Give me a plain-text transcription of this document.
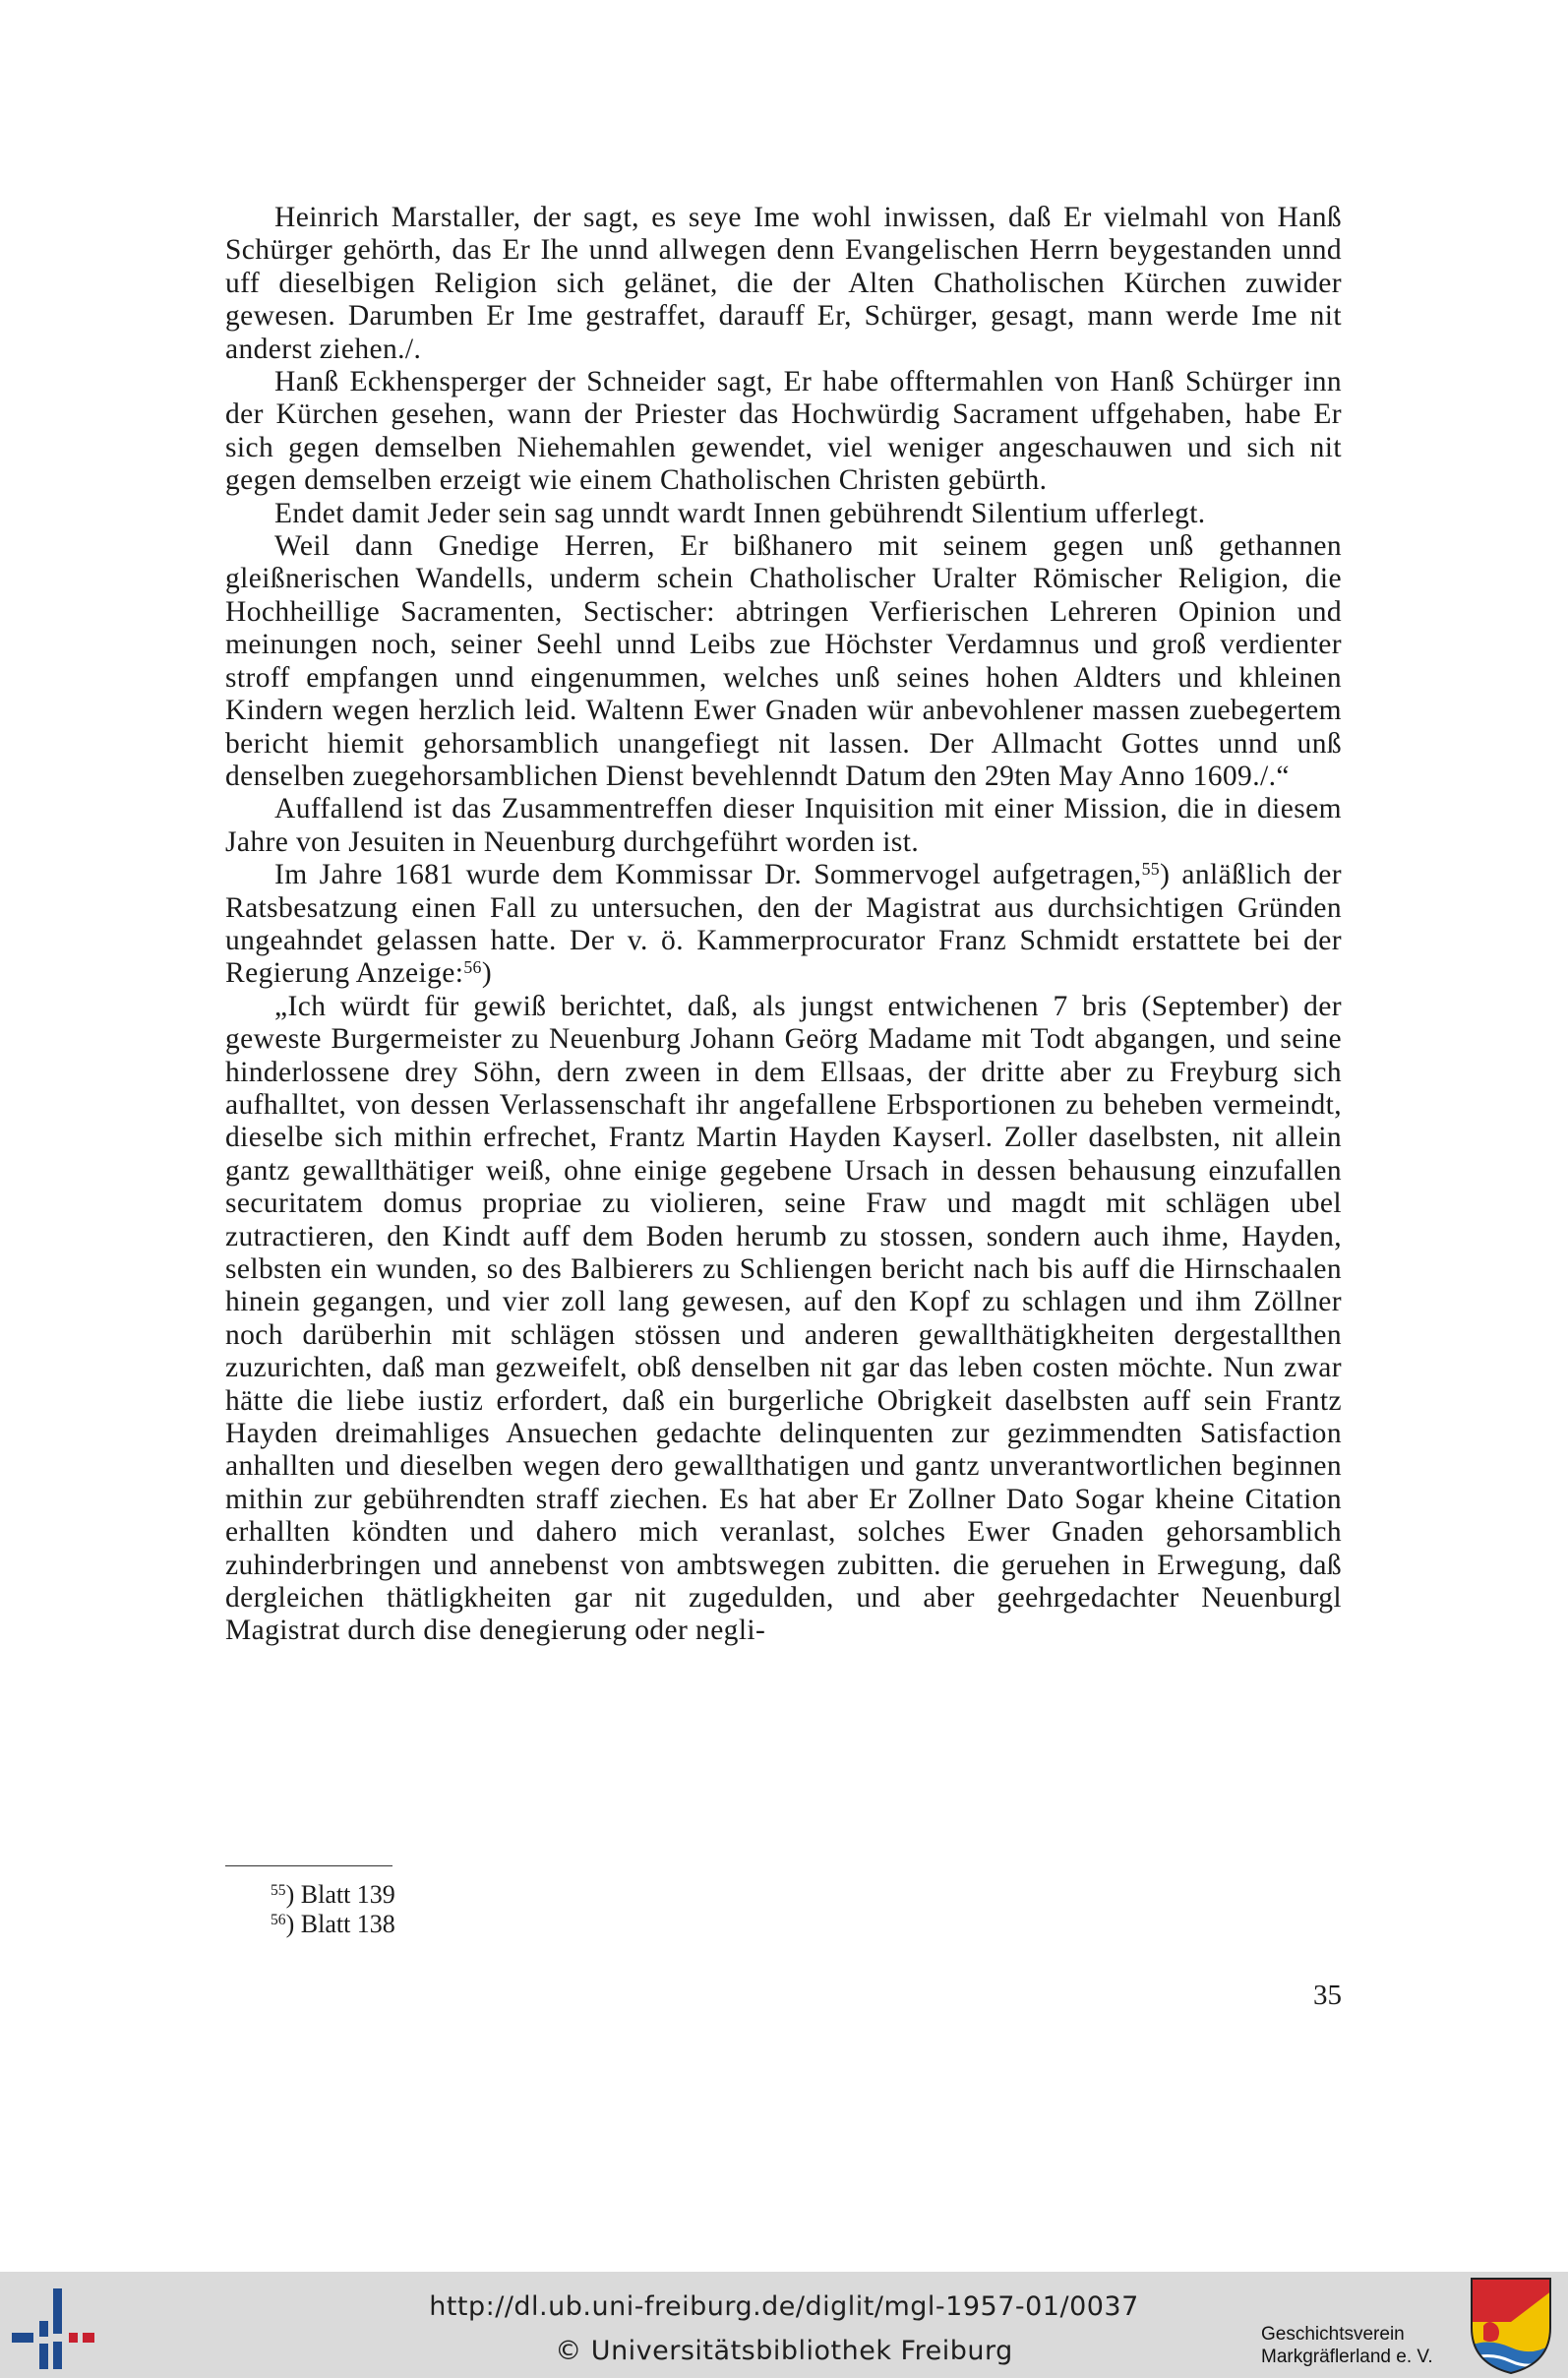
Heinrich Marstaller, der sagt, es seye Ime wohl inwissen, daß Er vielmahl von Hanß Schürger gehörth, das Er Ihe unnd allwegen denn Evangelischen Herrn beygestanden unnd uff dieselbigen Religion sich gelänet, die der Alten Chatholischen Kürchen zuwider gewesen. Darumben Er Ime gestraffet, darauff Er, Schürger, gesagt, mann werde Ime nit anderst ziehen./.

Hanß Eckhensperger der Schneider sagt, Er habe offtermahlen von Hanß Schürger inn der Kürchen gesehen, wann der Priester das Hochwürdig Sacrament uffgehaben, habe Er sich gegen demselben Niehemahlen gewendet, viel weniger angeschauwen und sich nit gegen demselben erzeigt wie einem Chatholischen Christen gebürth.

Endet damit Jeder sein sag unndt wardt Innen gebührendt Silentium ufferlegt.

Weil dann Gnedige Herren, Er bißhanero mit seinem gegen unß gethannen gleißnerischen Wandells, underm schein Chatholischer Uralter Römischer Religion, die Hochheillige Sacramenten, Sectischer: abtringen Verfierischen Lehreren Opinion und meinungen noch, seiner Seehl unnd Leibs zue Höchster Verdamnus und groß verdienter stroff empfangen unnd eingenummen, welches unß seines hohen Aldters und khleinen Kindern wegen herzlich leid. Waltenn Ewer Gnaden wür anbevohlener massen zuebegertem bericht hiemit gehorsamblich unangefiegt nit lassen. Der Allmacht Gottes unnd unß denselben zuegehorsamblichen Dienst bevehlenndt Datum den 29ten May Anno 1609./.“

Auffallend ist das Zusammentreffen dieser Inquisition mit einer Mission, die in diesem Jahre von Jesuiten in Neuenburg durchgeführt worden ist.

Im Jahre 1681 wurde dem Kommissar Dr. Sommervogel aufgetragen,$^{55}$) anläßlich der Ratsbesatzung einen Fall zu untersuchen, den der Magistrat aus durchsichtigen Gründen ungeahndet gelassen hatte. Der v. ö. Kammerprocurator Franz Schmidt erstattete bei der Regierung Anzeige:$^{56}$)

„Ich würdt für gewiß berichtet, daß, als jungst entwichenen 7 bris (September) der geweste Burgermeister zu Neuenburg Johann Geörg Madame mit Todt abgangen, und seine hinderlossene drey Söhn, dern zween in dem Ellsaas, der dritte aber zu Freyburg sich aufhalltet, von dessen Verlassenschaft ihr angefallene Erbsportionen zu beheben vermeindt, dieselbe sich mithin erfrechet, Frantz Martin Hayden Kayserl. Zoller daselbsten, nit allein gantz gewallthätiger weiß, ohne einige gegebene Ursach in dessen behausung einzufallen securitatem domus propriae zu violieren, seine Fraw und magdt mit schlägen ubel zutractieren, den Kindt auff dem Boden herumb zu stossen, sondern auch ihme, Hayden, selbsten ein wunden, so des Balbierers zu Schliengen bericht nach bis auff die Hirnschaalen hinein gegangen, und vier zoll lang gewesen, auf den Kopf zu schlagen und ihm Zöllner noch darüberhin mit schlägen stössen und anderen gewallthätigkheiten dergestallthen zuzurichten, daß man gezweifelt, obß denselben nit gar das leben costen möchte. Nun zwar hätte die liebe iustiz erfordert, daß ein burgerliche Obrigkeit daselbsten auff sein Frantz Hayden dreimahliges Ansuechen gedachte delinquenten zur gezimmendten Satisfaction anhallten und dieselben wegen dero gewallthatigen und gantz unverantwortlichen beginnen mithin zur gebührendten straff ziechen. Es hat aber Er Zollner Dato Sogar kheine Citation erhallten köndten und dahero mich veranlast, solches Ewer Gnaden gehorsamblich zuhinderbringen und annebenst von ambtswegen zubitten. die geruehen in Erwegung, daß dergleichen thätligkheiten gar nit zugedulden, und aber geehrgedachter Neuenburgl Magistrat durch dise denegierung oder negli-

$^{55}$) Blatt 139
$^{56}$) Blatt 138
35
http://dl.ub.uni-freiburg.de/diglit/mgl-1957-01/0037
© Universitätsbibliothek Freiburg
Geschichtsverein
Markgräflerland e. V.
